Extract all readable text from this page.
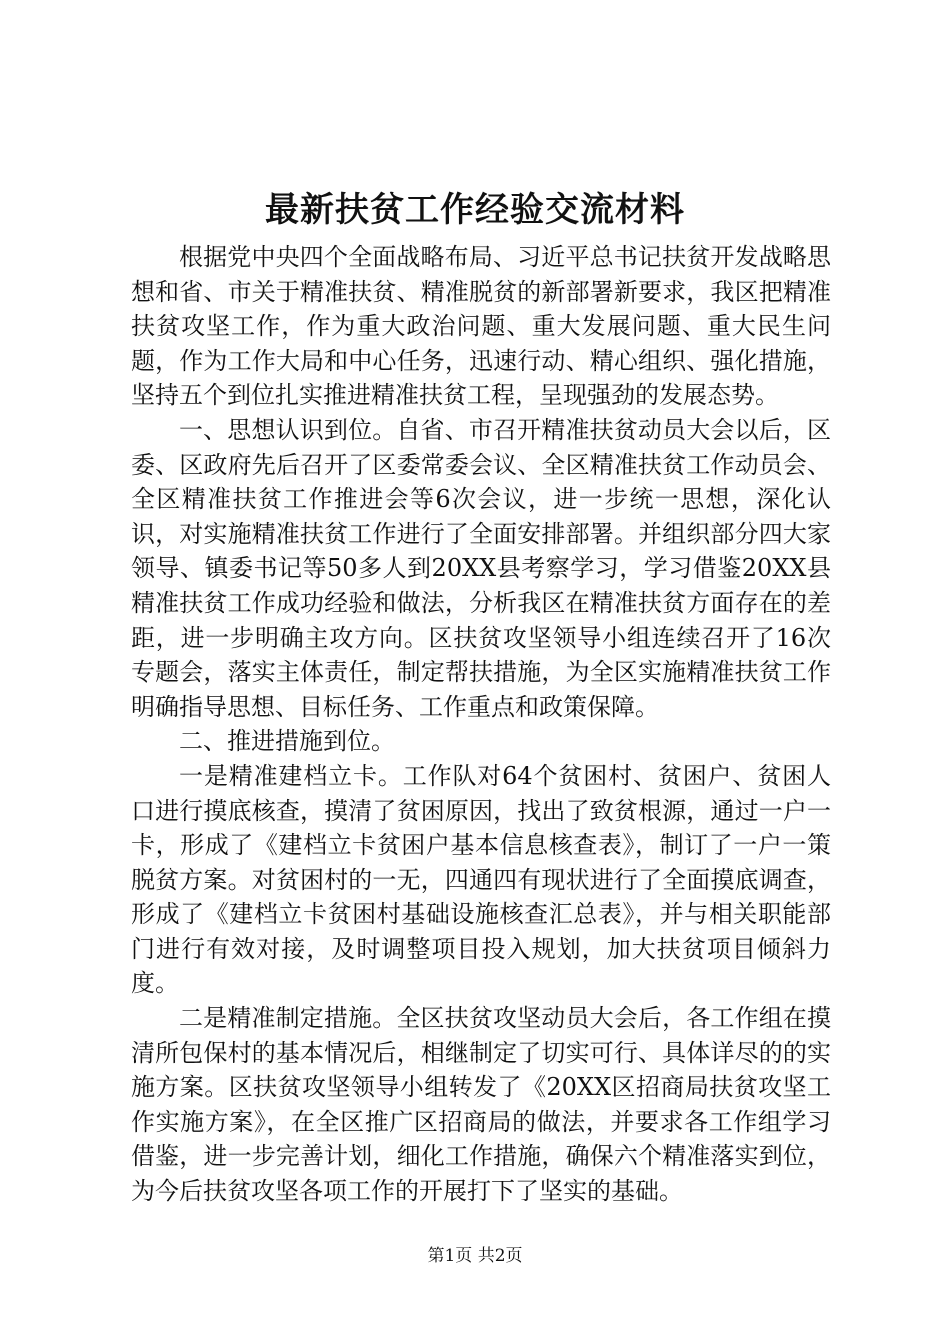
最新扶贫工作经验交流材料

根据党中央四个全面战略布局、习近平总书记扶贫开发战略思想和省、市关于精准扶贫、精准脱贫的新部署新要求，我区把精准扶贫攻坚工作，作为重大政治问题、重大发展问题、重大民生问题，作为工作大局和中心任务，迅速行动、精心组织、强化措施，坚持五个到位扎实推进精准扶贫工程，呈现强劲的发展态势。

一、思想认识到位。自省、市召开精准扶贫动员大会以后，区委、区政府先后召开了区委常委会议、全区精准扶贫工作动员会、全区精准扶贫工作推进会等6次会议，进一步统一思想，深化认识，对实施精准扶贫工作进行了全面安排部署。并组织部分四大家领导、镇委书记等50多人到20XX县考察学习，学习借鉴20XX县精准扶贫工作成功经验和做法，分析我区在精准扶贫方面存在的差距，进一步明确主攻方向。区扶贫攻坚领导小组连续召开了16次专题会，落实主体责任，制定帮扶措施，为全区实施精准扶贫工作明确指导思想、目标任务、工作重点和政策保障。

二、推进措施到位。

一是精准建档立卡。工作队对64个贫困村、贫困户、贫困人口进行摸底核查，摸清了贫困原因，找出了致贫根源，通过一户一卡，形成了《建档立卡贫困户基本信息核查表》，制订了一户一策脱贫方案。对贫困村的一无，四通四有现状进行了全面摸底调查，形成了《建档立卡贫困村基础设施核查汇总表》，并与相关职能部门进行有效对接，及时调整项目投入规划，加大扶贫项目倾斜力度。

二是精准制定措施。全区扶贫攻坚动员大会后，各工作组在摸清所包保村的基本情况后，相继制定了切实可行、具体详尽的的实施方案。区扶贫攻坚领导小组转发了《20XX区招商局扶贫攻坚工作实施方案》，在全区推广区招商局的做法，并要求各工作组学习借鉴，进一步完善计划，细化工作措施，确保六个精准落实到位，为今后扶贫攻坚各项工作的开展打下了坚实的基础。

第1页 共2页
